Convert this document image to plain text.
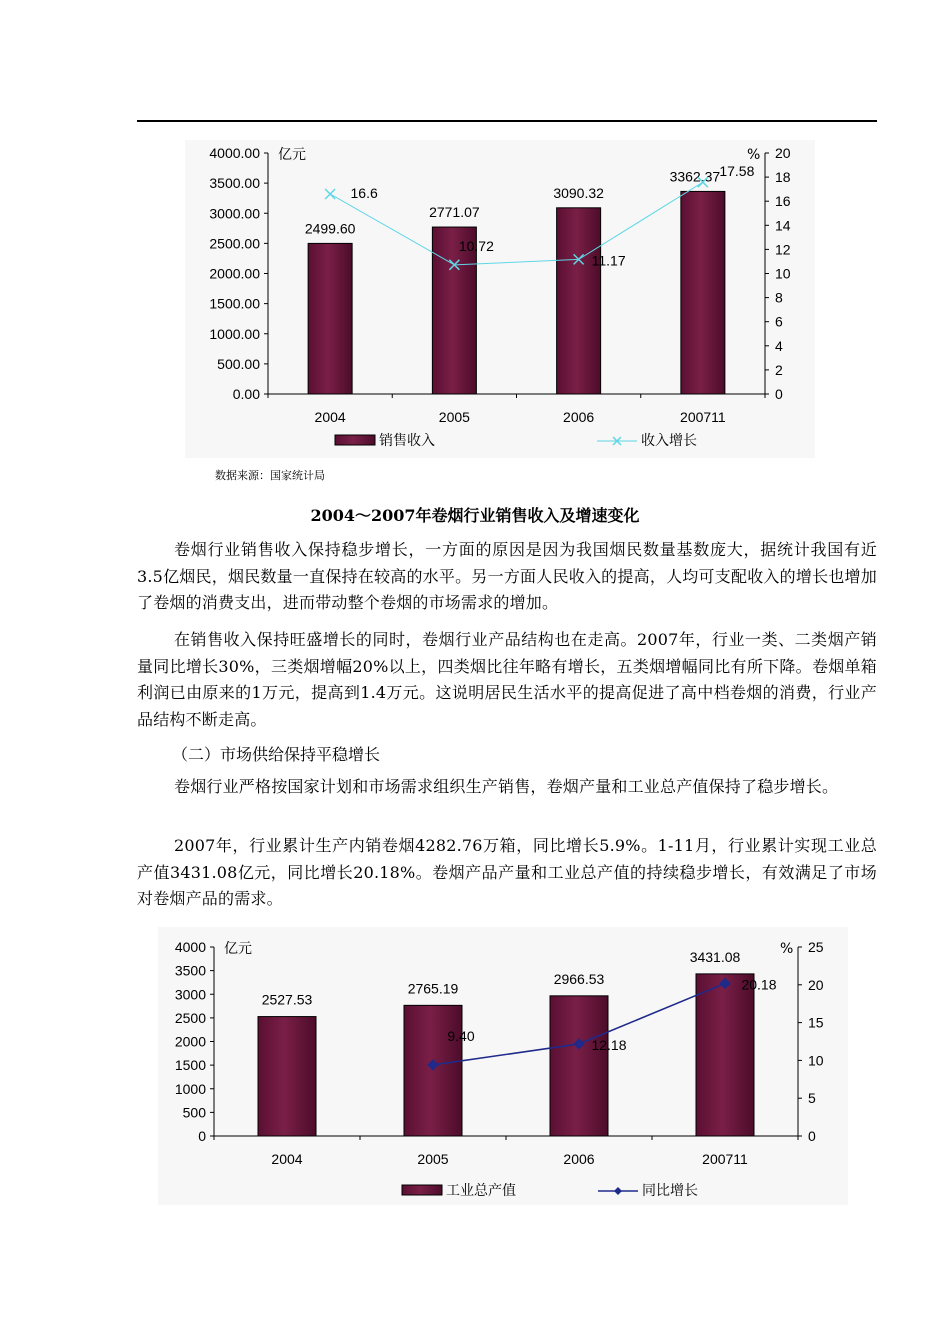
0.00
500.00
1000.00
1500.00
2000.00
2500.00
3000.00
3500.00
4000.00
0
2
4
6
8
10
12
14
16
18
20
亿元	%
2004	2005	2006	200711
2499.60
2771.07
3090.32
3362.37
16.6
10.72
11.17
17.58
销售收入	收入增长
数据来源：国家统计局
2004～2007年卷烟行业销售收入及增速变化
卷烟行业销售收入保持稳步增长，一方面的原因是因为我国烟民数量基数庞大，据统计我国有近3.5亿烟民，烟民数量一直保持在较高的水平。另一方面人民收入的提高，人均可支配收入的增长也增加了卷烟的消费支出，进而带动整个卷烟的市场需求的增加。
在销售收入保持旺盛增长的同时，卷烟行业产品结构也在走高。2007年，行业一类、二类烟产销量同比增长30%，三类烟增幅20%以上，四类烟比往年略有增长，五类烟增幅同比有所下降。卷烟单箱利润已由原来的1万元，提高到1.4万元。这说明居民生活水平的提高促进了高中档卷烟的消费，行业产品结构不断走高。
（二）市场供给保持平稳增长
卷烟行业严格按国家计划和市场需求组织生产销售，卷烟产量和工业总产值保持了稳步增长。
2007年，行业累计生产内销卷烟4282.76万箱，同比增长5.9%。1-11月，行业累计实现工业总产值3431.08亿元，同比增长20.18%。卷烟产品产量和工业总产值的持续稳步增长，有效满足了市场对卷烟产品的需求。
0
500
1000
1500
2000
2500
3000
3500
4000
0
5
10
15
20
25
亿元	%
2004	2005	2006	200711
2527.53
2765.19
2966.53
3431.08
9.40
12.18
20.18
工业总产值	同比增长
